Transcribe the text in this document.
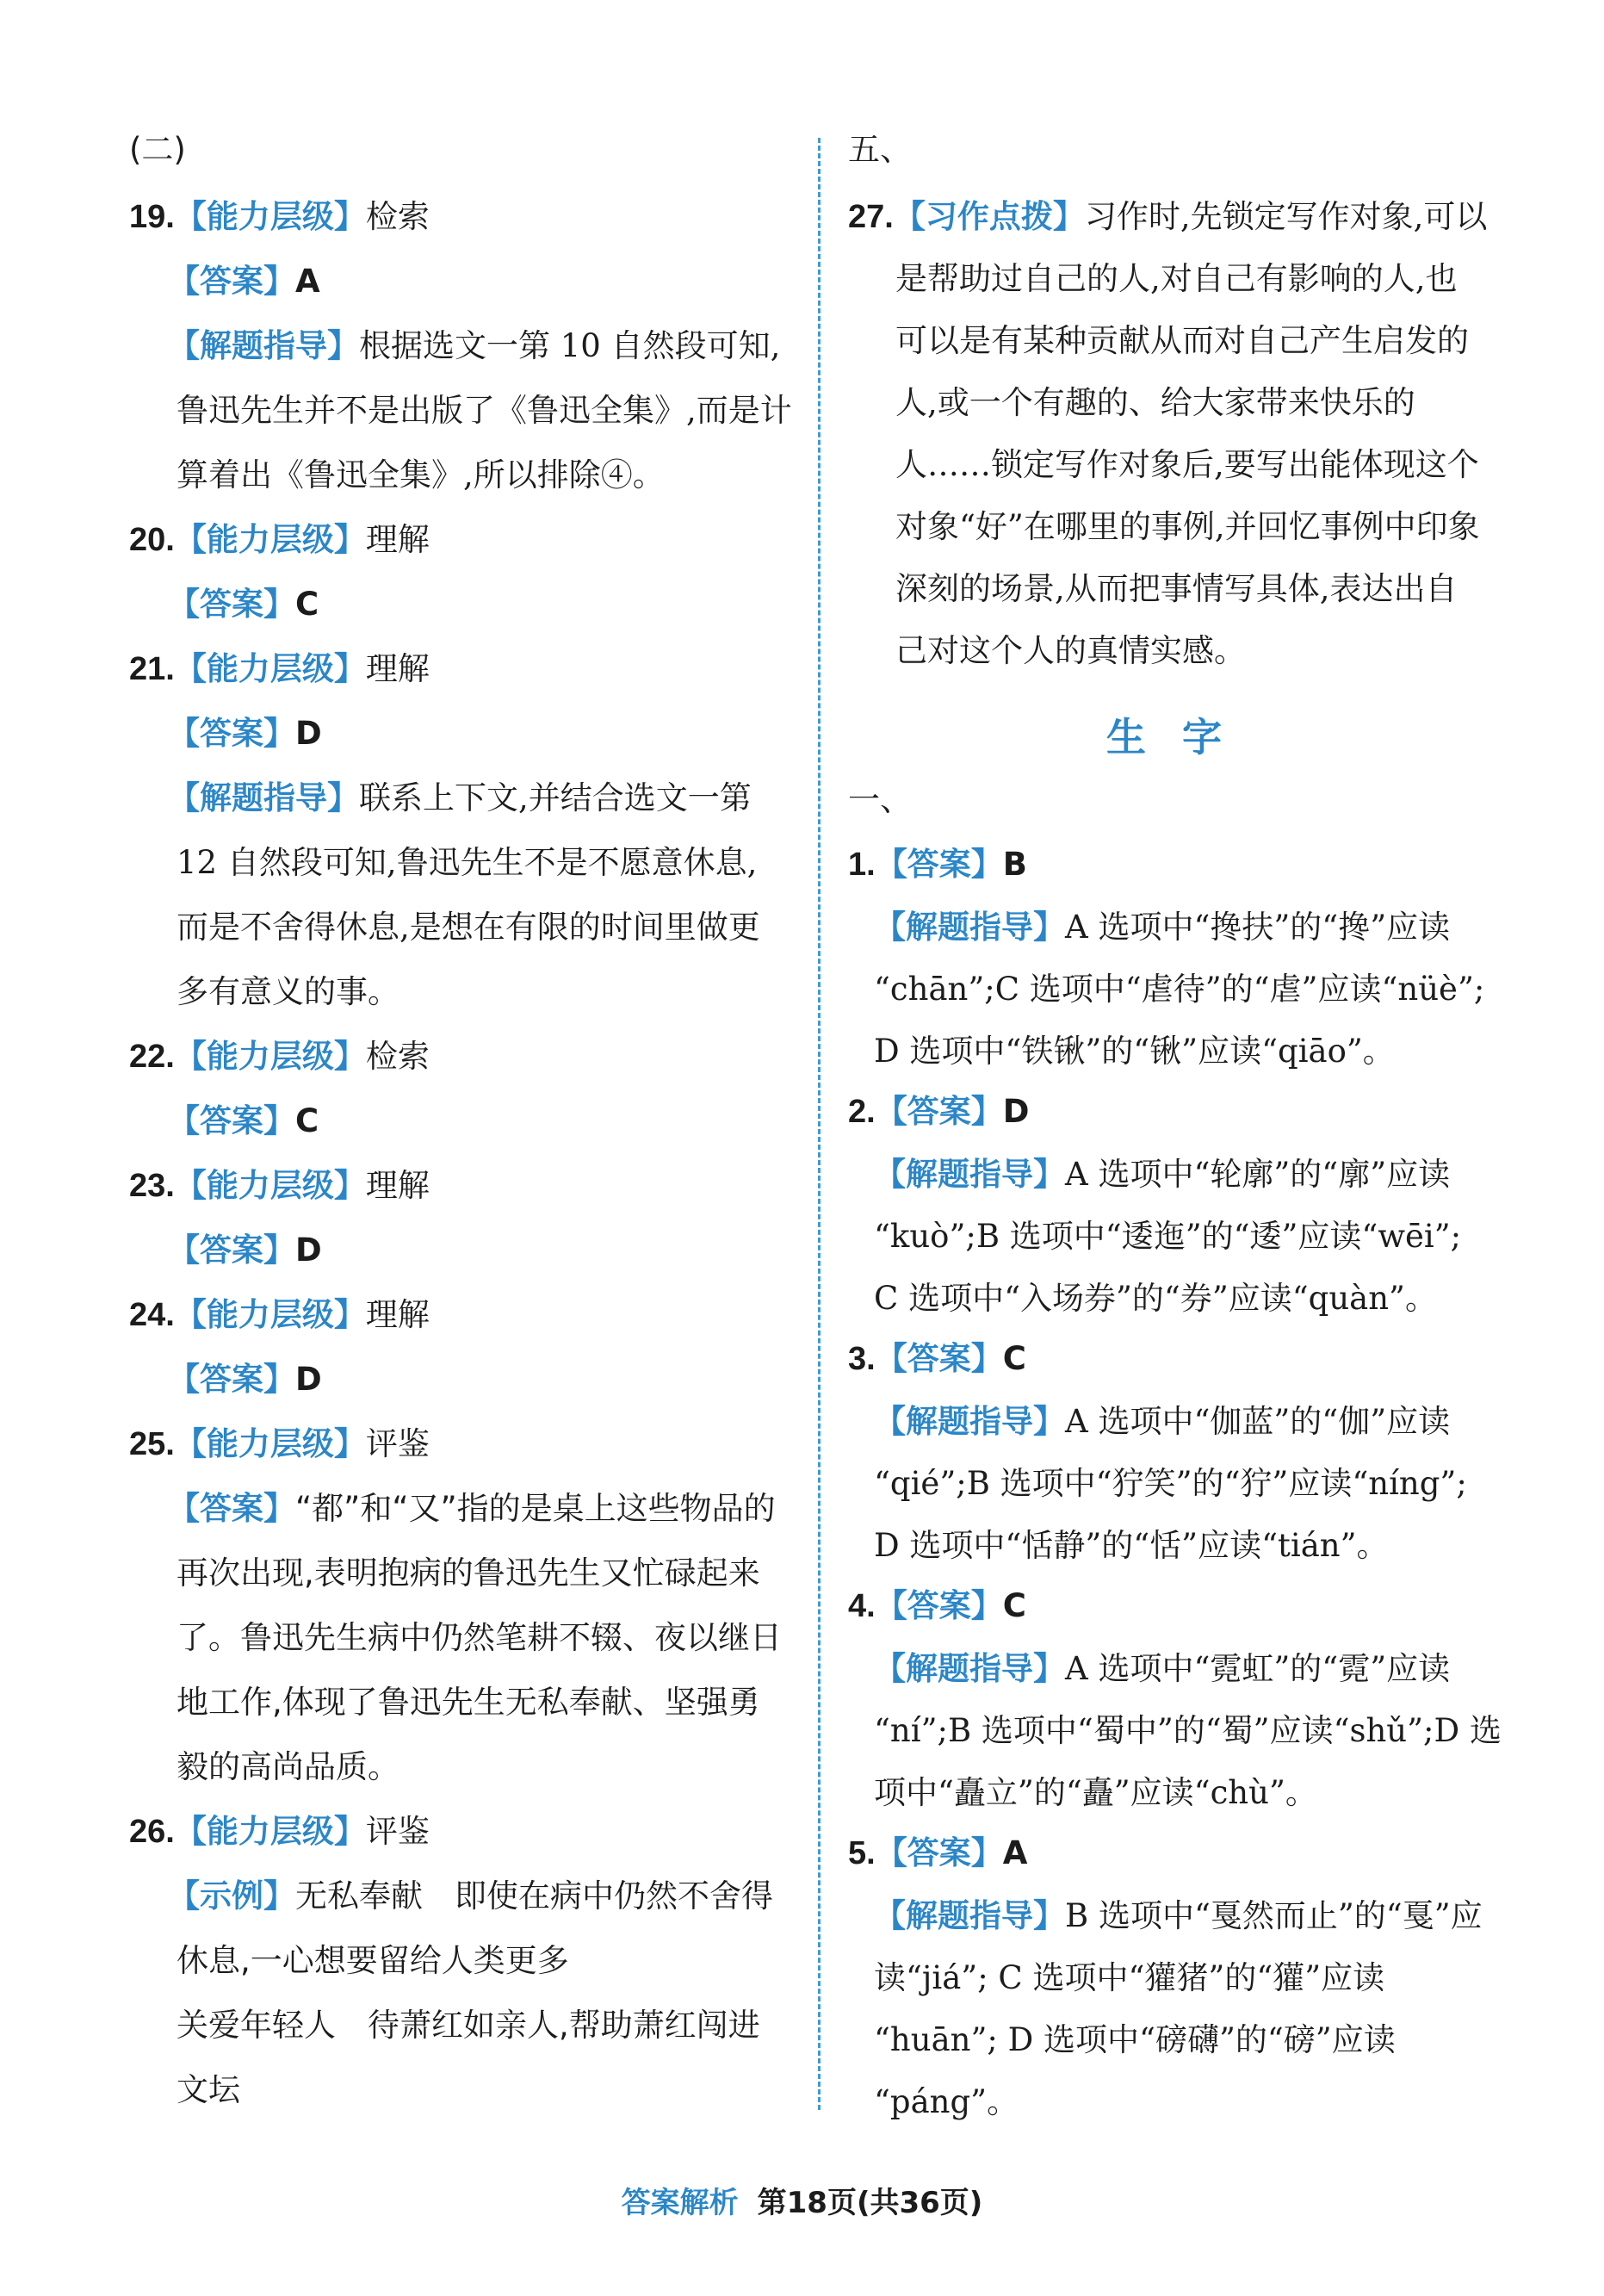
(二)
19.【能力层级】检索
【答案】A
【解题指导】根据选文一第 10 自然段可知,
鲁迅先生并不是出版了《鲁迅全集》,而是计
算着出《鲁迅全集》,所以排除④。
20.【能力层级】理解
【答案】C
21.【能力层级】理解
【答案】D
【解题指导】联系上下文,并结合选文一第
12 自然段可知,鲁迅先生不是不愿意休息,
而是不舍得休息,是想在有限的时间里做更
多有意义的事。
22.【能力层级】检索
【答案】C
23.【能力层级】理解
【答案】D
24.【能力层级】理解
【答案】D
25.【能力层级】评鉴
【答案】“都”和“又”指的是桌上这些物品的
再次出现,表明抱病的鲁迅先生又忙碌起来
了。鲁迅先生病中仍然笔耕不辍、夜以继日
地工作,体现了鲁迅先生无私奉献、坚强勇
毅的高尚品质。
26.【能力层级】评鉴
【示例】无私奉献　即使在病中仍然不舍得
休息,一心想要留给人类更多
关爱年轻人　待萧红如亲人,帮助萧红闯进
文坛
五、
27.【习作点拨】习作时,先锁定写作对象,可以
是帮助过自己的人,对自己有影响的人,也
可以是有某种贡献从而对自己产生启发的
人,或一个有趣的、给大家带来快乐的
人……锁定写作对象后,要写出能体现这个
对象“好”在哪里的事例,并回忆事例中印象
深刻的场景,从而把事情写具体,表达出自
己对这个人的真情实感。
生字
一、
1.【答案】B
【解题指导】A 选项中“搀扶”的“搀”应读
“chān”;C 选项中“虐待”的“虐”应读“nüè”;
D 选项中“铁锹”的“锹”应读“qiāo”。
2.【答案】D
【解题指导】A 选项中“轮廓”的“廓”应读
“kuò”;B 选项中“逶迤”的“逶”应读“wēi”;
C 选项中“入场券”的“券”应读“quàn”。
3.【答案】C
【解题指导】A 选项中“伽蓝”的“伽”应读
“qié”;B 选项中“狞笑”的“狞”应读“níng”;
D 选项中“恬静”的“恬”应读“tián”。
4.【答案】C
【解题指导】A 选项中“霓虹”的“霓”应读
“ní”;B 选项中“蜀中”的“蜀”应读“shǔ”;D 选
项中“矗立”的“矗”应读“chù”。
5.【答案】A
【解题指导】B 选项中“戛然而止”的“戛”应
读“jiá”; C 选项中“獾猪”的“獾”应读
“huān”; D 选项中“磅礴”的“磅”应读
“páng”。
答案解析 第18页(共36页)
